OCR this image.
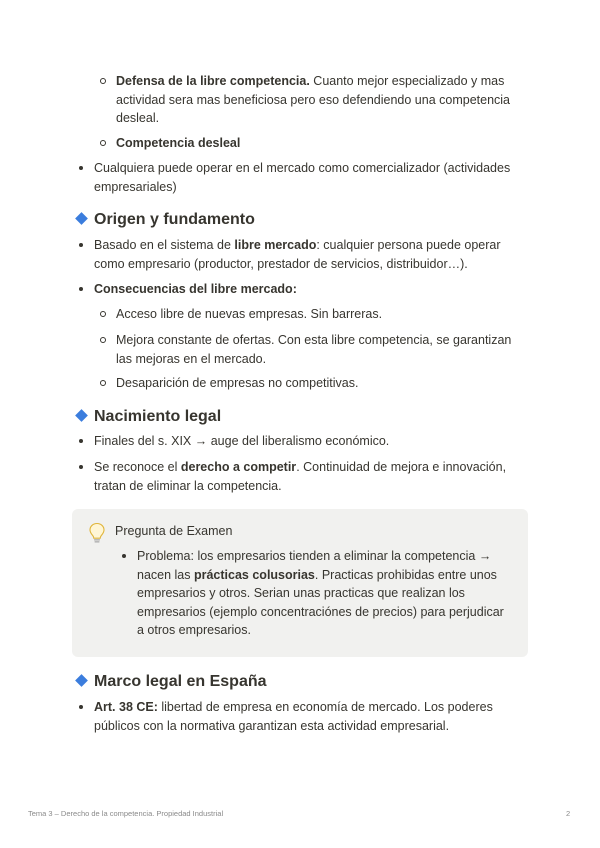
Defensa de la libre competencia. Cuanto mejor especializado y mas actividad sera mas beneficiosa pero eso defendiendo una competencia desleal.
Competencia desleal
Cualquiera puede operar en el mercado como comercializador (actividades empresariales)
Origen y fundamento
Basado en el sistema de libre mercado: cualquier persona puede operar como empresario (productor, prestador de servicios, distribuidor…).
Consecuencias del libre mercado:
Acceso libre de nuevas empresas. Sin barreras.
Mejora constante de ofertas. Con esta libre competencia, se garantizan las mejoras en el mercado.
Desaparición de empresas no competitivas.
Nacimiento legal
Finales del s. XIX → auge del liberalismo económico.
Se reconoce el derecho a competir. Continuidad de mejora e innovación, tratan de eliminar la competencia.
Pregunta de Examen
Problema: los empresarios tienden a eliminar la competencia → nacen las prácticas colusorias. Practicas prohibidas entre unos empresarios y otros. Serian unas practicas que realizan los empresarios (ejemplo concentraciónes de precios) para perjudicar a otros empresarios.
Marco legal en España
Art. 38 CE: libertad de empresa en economía de mercado. Los poderes públicos con la normativa garantizan esta actividad empresarial.
Tema 3 – Derecho de la competencia. Propiedad Industrial	2
